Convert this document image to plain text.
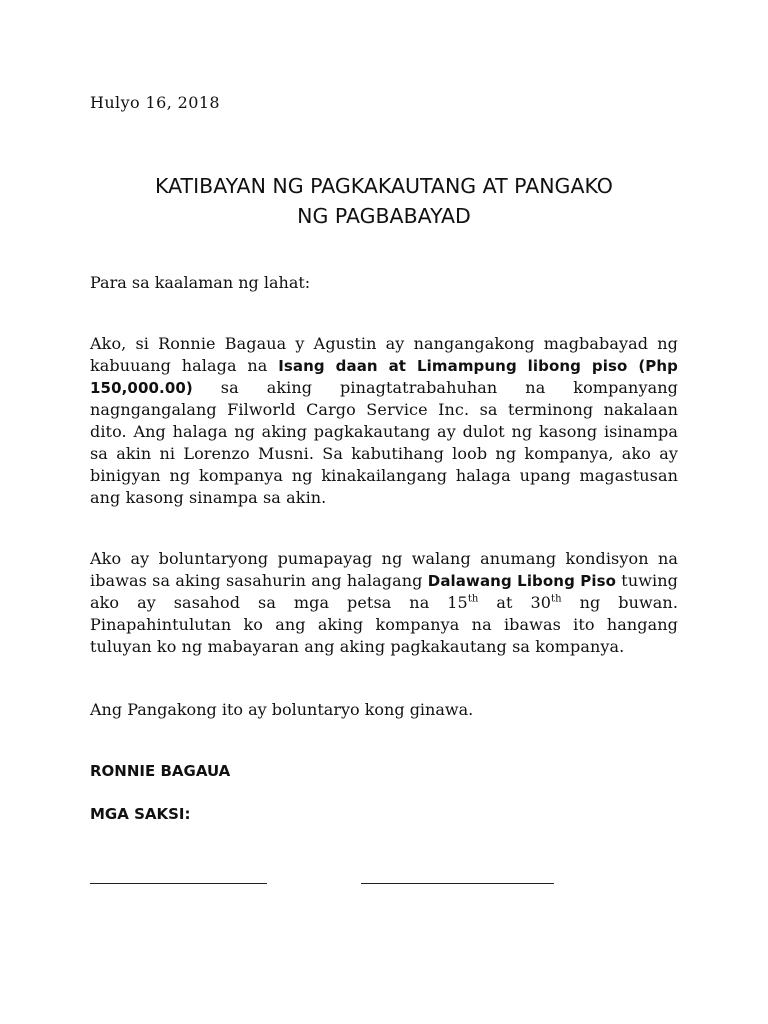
Hulyo 16, 2018
KATIBAYAN NG PAGKAKAUTANG AT PANGAKO
NG PAGBABAYAD
Para sa kaalaman ng lahat:

Ako, si Ronnie Bagaua y Agustin ay nangangakong magbabayad ng kabuuang halaga na Isang daan at Limampung libong piso (Php 150,000.00) sa aking pinagtatrabahuhan na kompanyang nagngangalang Filworld Cargo Service Inc. sa terminong nakalaan dito. Ang halaga ng aking pagkakautang ay dulot ng kasong isinampa sa akin ni Lorenzo Musni. Sa kabutihang loob ng kompanya, ako ay binigyan ng kompanya ng kinakailangang halaga upang magastusan ang kasong sinampa sa akin.

Ako ay boluntaryong pumapayag ng walang anumang kondisyon na ibawas sa aking sasahurin ang halagang Dalawang Libong Piso tuwing ako ay sasahod sa mga petsa na 15th at 30th ng buwan. Pinapahintulutan ko ang aking kompanya na ibawas ito hangang tuluyan ko ng mabayaran ang aking pagkakautang sa kompanya.

Ang Pangakong ito ay boluntaryo kong ginawa.
RONNIE BAGAUA
MGA SAKSI:
